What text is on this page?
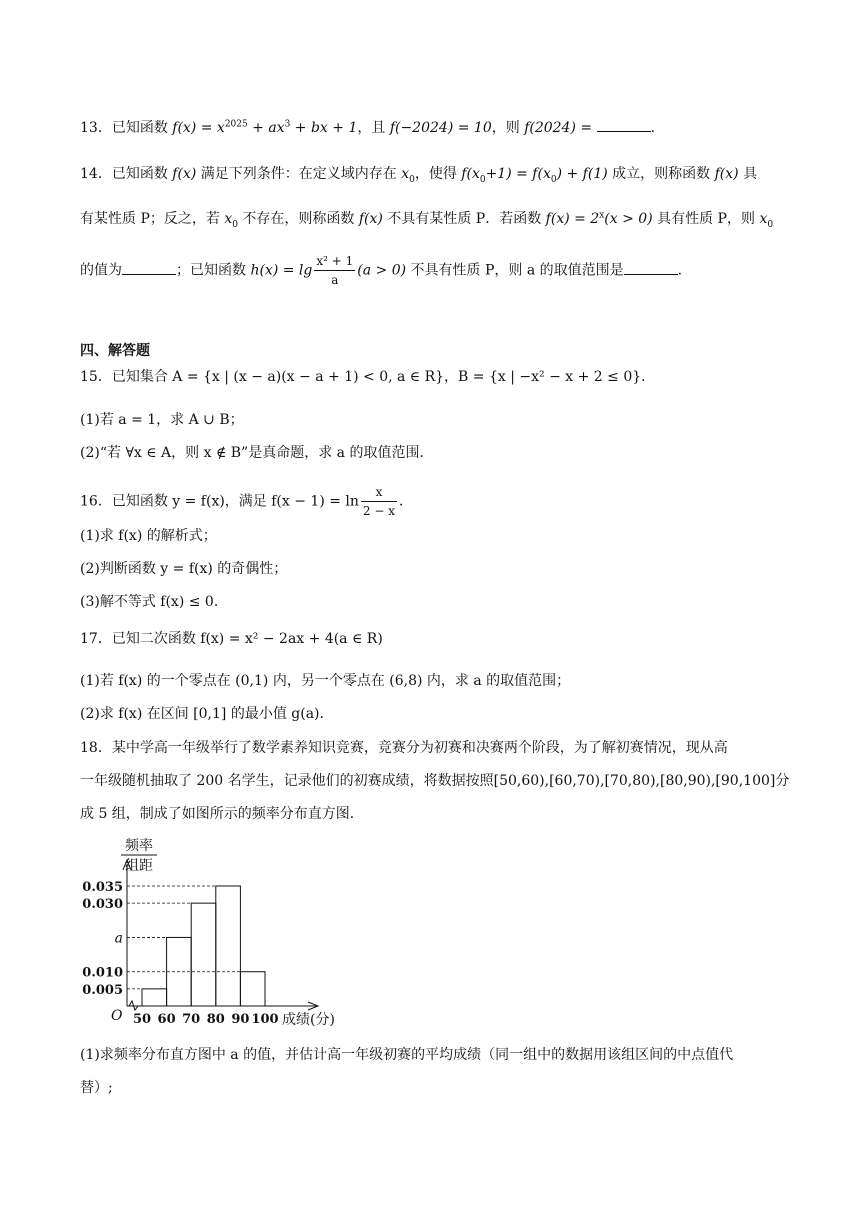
13．已知函数 $f(x) = x^{2025} + ax^3$ + bx + 1，且 f(−2024) = 10，则 f(2024) =	.
14．已知函数 f(x) 满足下列条件：在定义域内存在 $x_0$，使得 $f(x_0+1) = f(x_0) + f(1)$ 成立，则称函数 f(x) 具
有某性质 P；反之，若 $x_0$ 不存在，则称函数 f(x) 不具有某性质 P．若函数 $f(x) = 2^x(x > 0)$ 具有性质 P，则 $x_0$
的值为	；已知函数 $h(x) = \lg \frac{\text{x² + 1}}{a} (a > 0)$ 不具有性质 P，则 a 的取值范围是	.
四、解答题
15．已知集合 A = {x | (x − a)(x − a + 1) < 0, a ∈ R}，B = {x | −x² − x + 2 ≤ 0}．
(1)若 a = 1，求 A ∪ B；
(2)“若 ∀x ∈ A，则 x ∉ B”是真命题，求 a 的取值范围．
16．已知函数 y = f(x)，满足 $f(x - 1) = \ln \frac{x}{2 - x}$ ．
(1)求 f(x) 的解析式；
(2)判断函数 y = f(x) 的奇偶性；
(3)解不等式 f(x) ≤ 0．
17．已知二次函数 f(x) = x² − 2ax + 4(a ∈ R)
(1)若 f(x) 的一个零点在 (0,1) 内，另一个零点在 (6,8) 内，求 a 的取值范围；
(2)求 f(x) 在区间 [0,1] 的最小值 g(a)．
18．某中学高一年级举行了数学素养知识竞赛，竞赛分为初赛和决赛两个阶段，为了解初赛情况，现从高
一年级随机抽取了 200 名学生，记录他们的初赛成绩，将数据按照[50,60),[60,70),[70,80),[80,90),[90,100]分
成 5 组，制成了如图所示的频率分布直方图．
0.035
0.030
a
0.010
0.005
频率
组距
50 60 70 80 90 100 成绩(分)
O
(1)求频率分布直方图中 a 的值，并估计高一年级初赛的平均成绩（同一组中的数据用该组区间的中点值代
替）;
